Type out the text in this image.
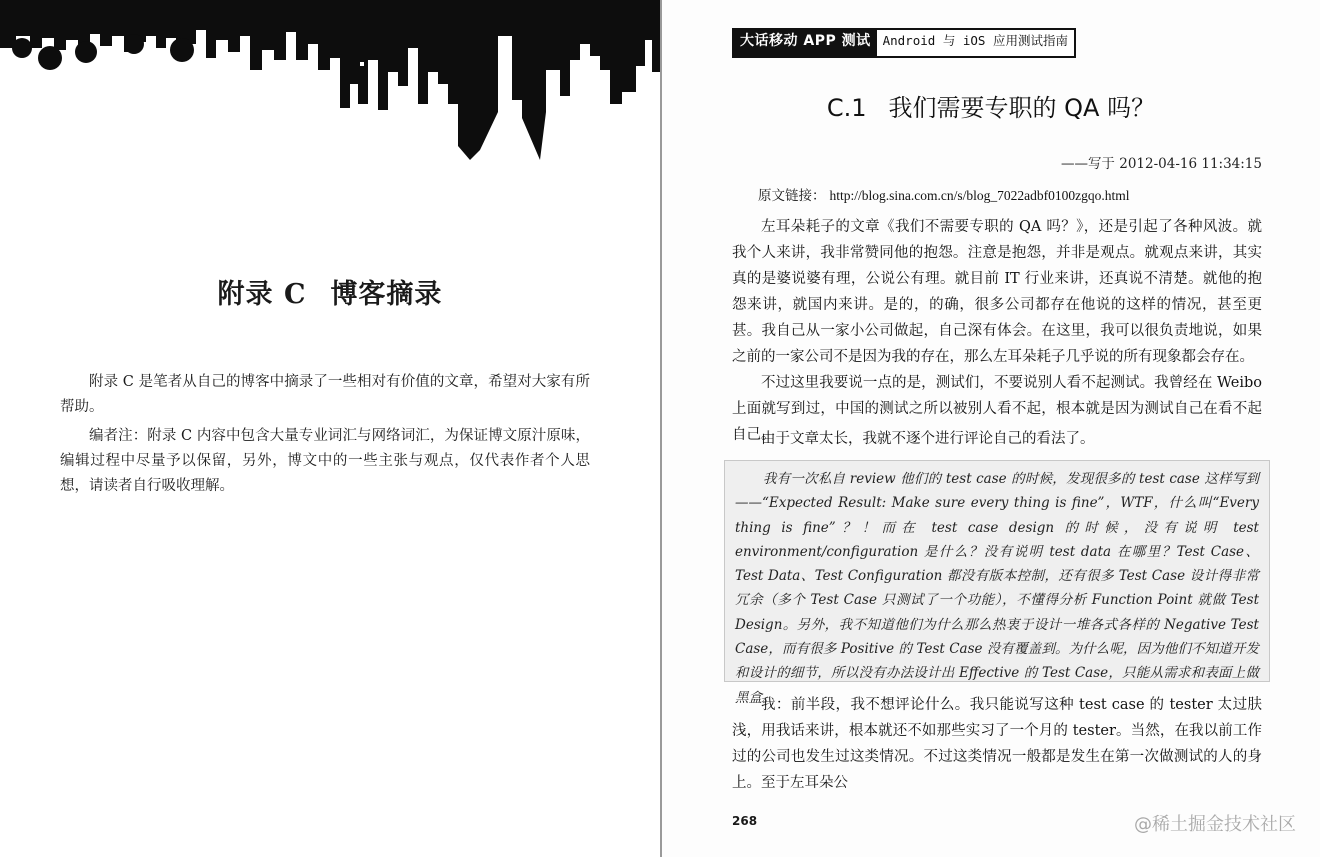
附录 C 博客摘录
附录 C 是笔者从自己的博客中摘录了一些相对有价值的文章，希望对大家有所帮助。
编者注：附录 C 内容中包含大量专业词汇与网络词汇，为保证博文原汁原味，编辑过程中尽量予以保留，另外，博文中的一些主张与观点，仅代表作者个人思想，请读者自行吸收理解。
大话移动 APP 测试 Android 与 iOS 应用测试指南
C.1 我们需要专职的 QA 吗？
——写于 2012-04-16 11:34:15
原文链接： http://blog.sina.com.cn/s/blog_7022adbf0100zgqo.html
左耳朵耗子的文章《我们不需要专职的 QA 吗？》，还是引起了各种风波。就我个人来讲，我非常赞同他的抱怨。注意是抱怨，并非是观点。就观点来讲，其实真的是婆说婆有理，公说公有理。就目前 IT 行业来讲，还真说不清楚。就他的抱怨来讲，就国内来讲。是的，的确，很多公司都存在他说的这样的情况，甚至更甚。我自己从一家小公司做起，自己深有体会。在这里，我可以很负责地说，如果之前的一家公司不是因为我的存在，那么左耳朵耗子几乎说的所有现象都会存在。
不过这里我要说一点的是，测试们，不要说别人看不起测试。我曾经在 Weibo 上面就写到过，中国的测试之所以被别人看不起，根本就是因为测试自己在看不起自己。
由于文章太长，我就不逐个进行评论自己的看法了。
我有一次私自 review 他们的 test case 的时候，发现很多的 test case 这样写到——“Expected Result: Make sure every thing is fine”，WTF，什么叫“Every thing is fine”？！而在 test case design 的时候，没有说明 test environment/configuration 是什么？没有说明 test data 在哪里？Test Case、Test Data、Test Configuration 都没有版本控制，还有很多 Test Case 设计得非常冗余（多个 Test Case 只测试了一个功能），不懂得分析 Function Point 就做 Test Design。另外，我不知道他们为什么那么热衷于设计一堆各式各样的 Negative Test Case，而有很多 Positive 的 Test Case 没有覆盖到。为什么呢，因为他们不知道开发和设计的细节，所以没有办法设计出 Effective 的 Test Case，只能从需求和表面上做黑盒。
我：前半段，我不想评论什么。我只能说写这种 test case 的 tester 太过肤浅，用我话来讲，根本就还不如那些实习了一个月的 tester。当然，在我以前工作过的公司也发生过这类情况。不过这类情况一般都是发生在第一次做测试的人的身上。至于左耳朵公
268	@稀土掘金技术社区
